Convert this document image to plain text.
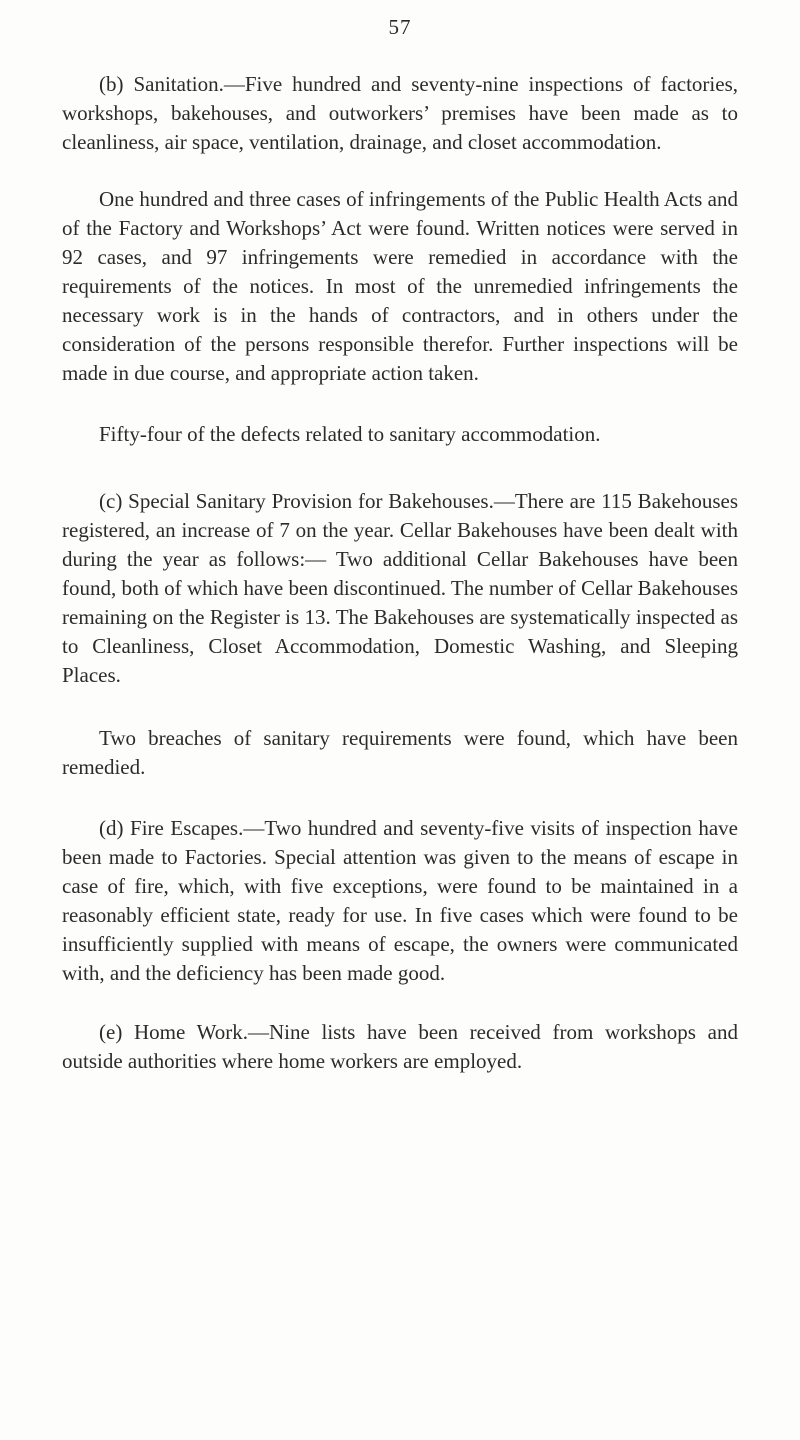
57

(b) Sanitation.—Five hundred and seventy-nine inspections of factories, workshops, bakehouses, and outworkers’ premises have been made as to cleanliness, air space, ventilation, drainage, and closet accommodation.

One hundred and three cases of infringements of the Public Health Acts and of the Factory and Workshops’ Act were found. Written notices were served in 92 cases, and 97 infringements were remedied in accordance with the requirements of the notices. In most of the unremedied infringements the necessary work is in the hands of contractors, and in others under the consideration of the persons responsible therefor. Further inspections will be made in due course, and appropriate action taken.

Fifty-four of the defects related to sanitary accommodation.

(c) Special Sanitary Provision for Bakehouses.—There are 115 Bakehouses registered, an increase of 7 on the year. Cellar Bakehouses have been dealt with during the year as follows:— Two additional Cellar Bakehouses have been found, both of which have been discontinued. The number of Cellar Bakehouses remaining on the Register is 13. The Bakehouses are systematically inspected as to Cleanliness, Closet Accommodation, Domestic Washing, and Sleeping Places.

Two breaches of sanitary requirements were found, which have been remedied.

(d) Fire Escapes.—Two hundred and seventy-five visits of inspection have been made to Factories. Special attention was given to the means of escape in case of fire, which, with five exceptions, were found to be maintained in a reasonably efficient state, ready for use. In five cases which were found to be insufficiently supplied with means of escape, the owners were communicated with, and the deficiency has been made good.

(e) Home Work.—Nine lists have been received from workshops and outside authorities where home workers are employed.
